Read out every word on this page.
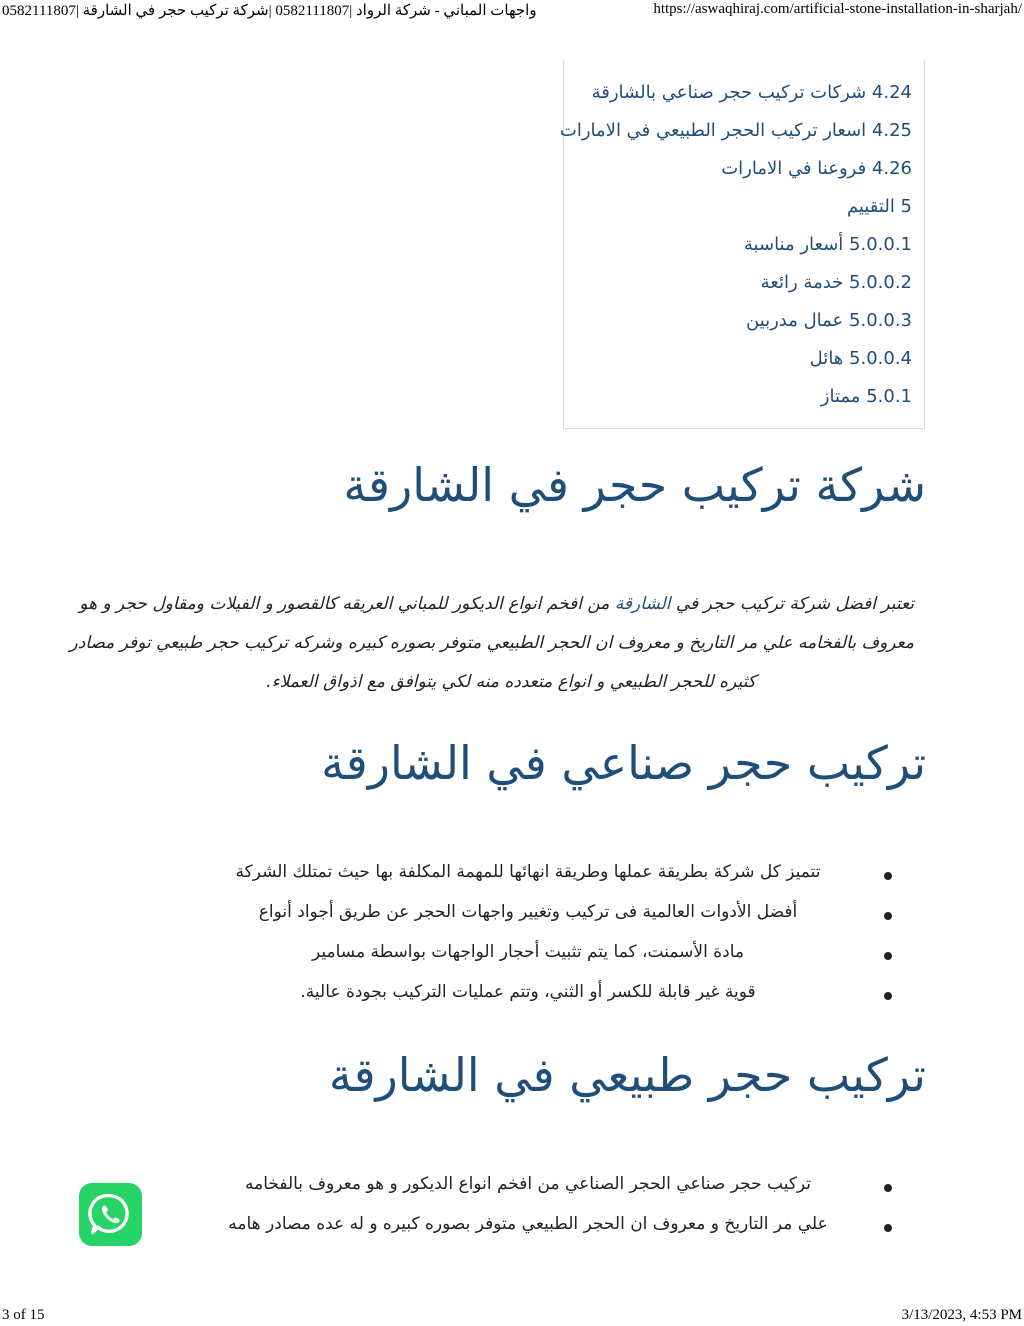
0582111807| واجهات المباني - شركة الرواد |0582111807 |شركة تركيب حجر في الشارقة	https://aswaqhiraj.com/artificial-stone-installation-in-sharjah/
4.24 شركات تركيب حجر صناعي بالشارقة
4.25 اسعار تركيب الحجر الطبيعي في الامارات
4.26 فروعنا في الامارات
5 التقييم
5.0.0.1 أسعار مناسبة
5.0.0.2 خدمة رائعة
5.0.0.3 عمال مدربين
5.0.0.4 هائل
5.0.1 ممتاز
شركة تركيب حجر في الشارقة
تعتبر افضل شركة تركيب حجر في الشارقة من افخم انواع الديكور للمباني العريقه كالقصور و الفيلات ومقاول حجر و هو
معروف بالفخامه علي مر التاريخ و معروف ان الحجر الطبيعي متوفر بصوره كبيره وشركه تركيب حجر طبيعي توفر مصادر
كثيره للحجر الطبيعي و انواع متعدده منه لكي يتوافق مع اذواق العملاء.
تركيب حجر صناعي في الشارقة
تتميز كل شركة بطريقة عملها وطريقة انهائها للمهمة المكلفة بها حيث تمتلك الشركة
أفضل الأدوات العالمية فى تركيب وتغيير واجهات الحجر عن طريق أجواد أنواع
مادة الأسمنت، كما يتم تثبيت أحجار الواجهات بواسطة مسامير
قوية غير قابلة للكسر أو الثني، وتتم عمليات التركيب بجودة عالية.
تركيب حجر طبيعي في الشارقة
تركيب حجر صناعي الحجر الصناعي من افخم انواع الديكور و هو معروف بالفخامه
علي مر التاريخ و معروف ان الحجر الطبيعي متوفر بصوره كبيره و له عده مصادر هامه
3 of 15	3/13/2023, 4:53 PM
